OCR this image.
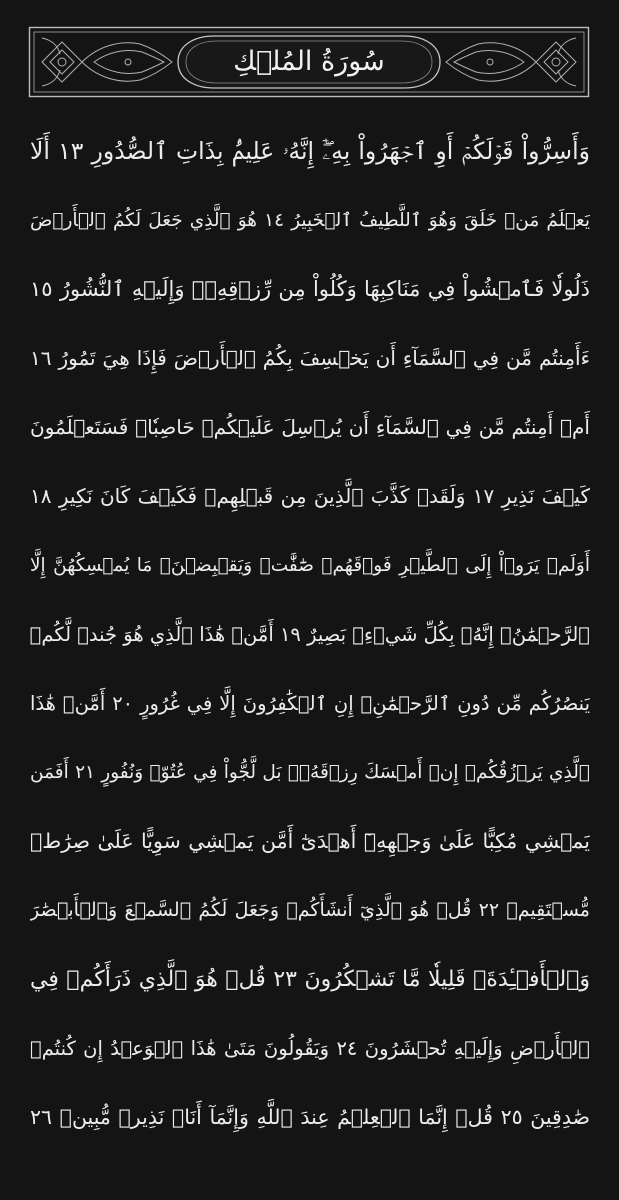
سُورَةُ المُلۡكِ
وَأَسِرُّواْ قَوۡلَكُمۡ أَوِ ٱجۡهَرُواْ بِهِۦٓۖ إِنَّهُۥ عَلِيمُۢ بِذَاتِ ٱلصُّدُورِ ١٣ أَلَا
يَعۡلَمُ مَنۡ خَلَقَ وَهُوَ ٱللَّطِيفُ ٱلۡخَبِيرُ ١٤ هُوَ ٱلَّذِي جَعَلَ لَكُمُ ٱلۡأَرۡضَ
ذَلُولٗا فَٱمۡشُواْ فِي مَنَاكِبِهَا وَكُلُواْ مِن رِّزۡقِهِۦۖ وَإِلَيۡهِ ٱلنُّشُورُ ١٥
ءَأَمِنتُم مَّن فِي ٱلسَّمَآءِ أَن يَخۡسِفَ بِكُمُ ٱلۡأَرۡضَ فَإِذَا هِيَ تَمُورُ ١٦
أَمۡ أَمِنتُم مَّن فِي ٱلسَّمَآءِ أَن يُرۡسِلَ عَلَيۡكُمۡ حَاصِبٗاۖ فَسَتَعۡلَمُونَ
كَيۡفَ نَذِيرِ ١٧ وَلَقَدۡ كَذَّبَ ٱلَّذِينَ مِن قَبۡلِهِمۡ فَكَيۡفَ كَانَ نَكِيرِ ١٨
أَوَلَمۡ يَرَوۡاْ إِلَى ٱلطَّيۡرِ فَوۡقَهُمۡ صَٰٓفَّٰتٖ وَيَقۡبِضۡنَۚ مَا يُمۡسِكُهُنَّ إِلَّا
ٱلرَّحۡمَٰنُۚ إِنَّهُۥ بِكُلِّ شَيۡءِۭ بَصِيرٌ ١٩ أَمَّنۡ هَٰذَا ٱلَّذِي هُوَ جُندٞ لَّكُمۡ
يَنصُرُكُم مِّن دُونِ ٱلرَّحۡمَٰنِۚ إِنِ ٱلۡكَٰفِرُونَ إِلَّا فِي غُرُورٍ ٢٠ أَمَّنۡ هَٰذَا
ٱلَّذِي يَرۡزُقُكُمۡ إِنۡ أَمۡسَكَ رِزۡقَهُۥۚ بَل لَّجُّواْ فِي عُتُوّٖ وَنُفُورٍ ٢١ أَفَمَن
يَمۡشِي مُكِبًّا عَلَىٰ وَجۡهِهِۦٓ أَهۡدَىٰٓ أَمَّن يَمۡشِي سَوِيًّا عَلَىٰ صِرَٰطٖ
مُّسۡتَقِيمٖ ٢٢ قُلۡ هُوَ ٱلَّذِيٓ أَنشَأَكُمۡ وَجَعَلَ لَكُمُ ٱلسَّمۡعَ وَٱلۡأَبۡصَٰرَ
وَٱلۡأَفۡـِٔدَةَۚ قَلِيلٗا مَّا تَشۡكُرُونَ ٢٣ قُلۡ هُوَ ٱلَّذِي ذَرَأَكُمۡ فِي
ٱلۡأَرۡضِ وَإِلَيۡهِ تُحۡشَرُونَ ٢٤ وَيَقُولُونَ مَتَىٰ هَٰذَا ٱلۡوَعۡدُ إِن كُنتُمۡ
صَٰدِقِينَ ٢٥ قُلۡ إِنَّمَا ٱلۡعِلۡمُ عِندَ ٱللَّهِ وَإِنَّمَآ أَنَا۠ نَذِيرٞ مُّبِينٞ ٢٦
